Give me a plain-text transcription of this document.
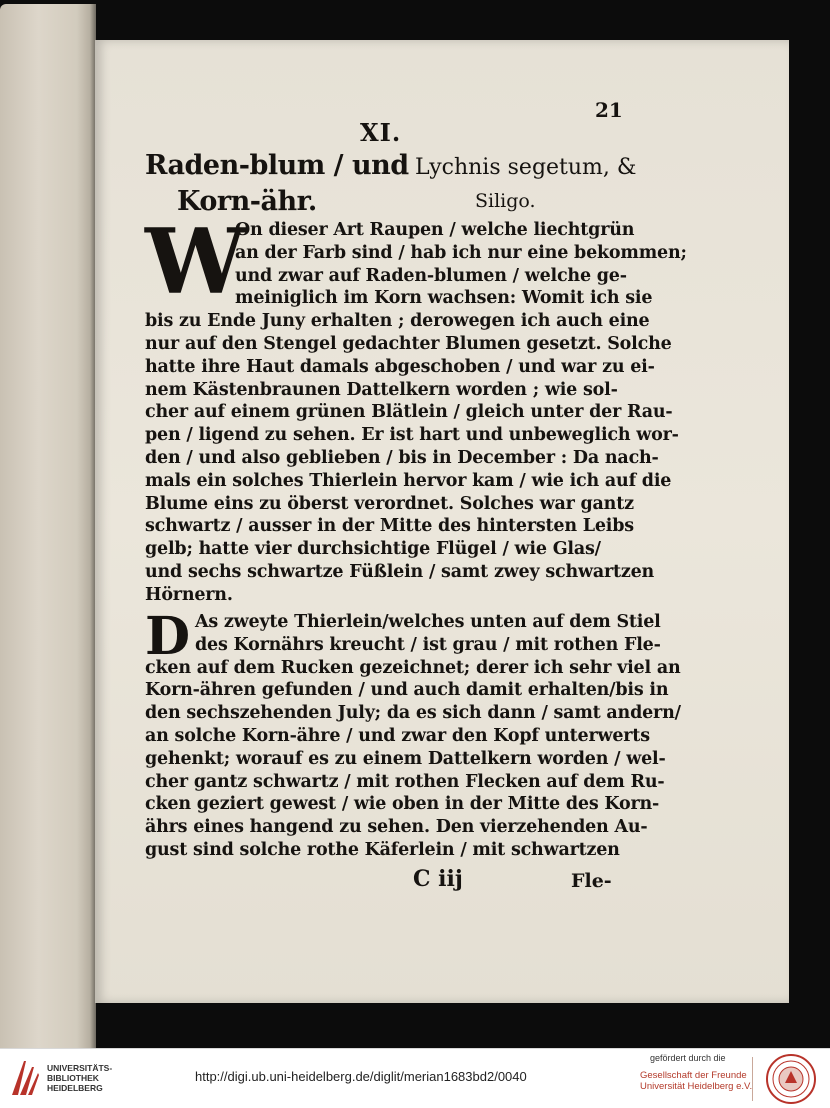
21
XI.
Raden-blum / und
Korn-ähr.
Lychnis segetum, &
Siligo.
W
On dieser Art Raupen / welche liechtgrün
an der Farb sind / hab ich nur eine bekommen;
und zwar auf Raden-blumen / welche ge-
meiniglich im Korn wachsen: Womit ich sie
bis zu Ende Juny erhalten ; derowegen ich auch eine
nur auf den Stengel gedachter Blumen gesetzt. Solche
hatte ihre Haut damals abgeschoben / und war zu ei-
nem Kästenbraunen Dattelkern worden ; wie sol-
cher auf einem grünen Blätlein / gleich unter der Rau-
pen / ligend zu sehen. Er ist hart und unbeweglich wor-
den / und also geblieben / bis in December : Da nach-
mals ein solches Thierlein hervor kam / wie ich auf die
Blume eins zu öberst verordnet. Solches war gantz
schwartz / ausser in der Mitte des hintersten Leibs
gelb; hatte vier durchsichtige Flügel / wie Glas/
und sechs schwartze Füßlein / samt zwey schwartzen
Hörnern.
D As zweyte Thierlein/welches unten auf dem Stiel
des Kornährs kreucht / ist grau / mit rothen Fle-
cken auf dem Rucken gezeichnet; derer ich sehr viel an
Korn-ähren gefunden / und auch damit erhalten/bis in
den sechszehenden July; da es sich dann / samt andern/
an solche Korn-ähre / und zwar den Kopf unterwerts
gehenkt; worauf es zu einem Dattelkern worden / wel-
cher gantz schwartz / mit rothen Flecken auf dem Ru-
cken geziert gewest / wie oben in der Mitte des Korn-
ährs eines hangend zu sehen. Den vierzehenden Au-
gust sind solche rothe Käferlein / mit schwartzen
C iij	Fle-
UNIVERSITÄTS-
BIBLIOTHEK
HEIDELBERG
http://digi.ub.uni-heidelberg.de/diglit/merian1683bd2/0040
gefördert durch die
Gesellschaft der Freunde
Universität Heidelberg e.V.
